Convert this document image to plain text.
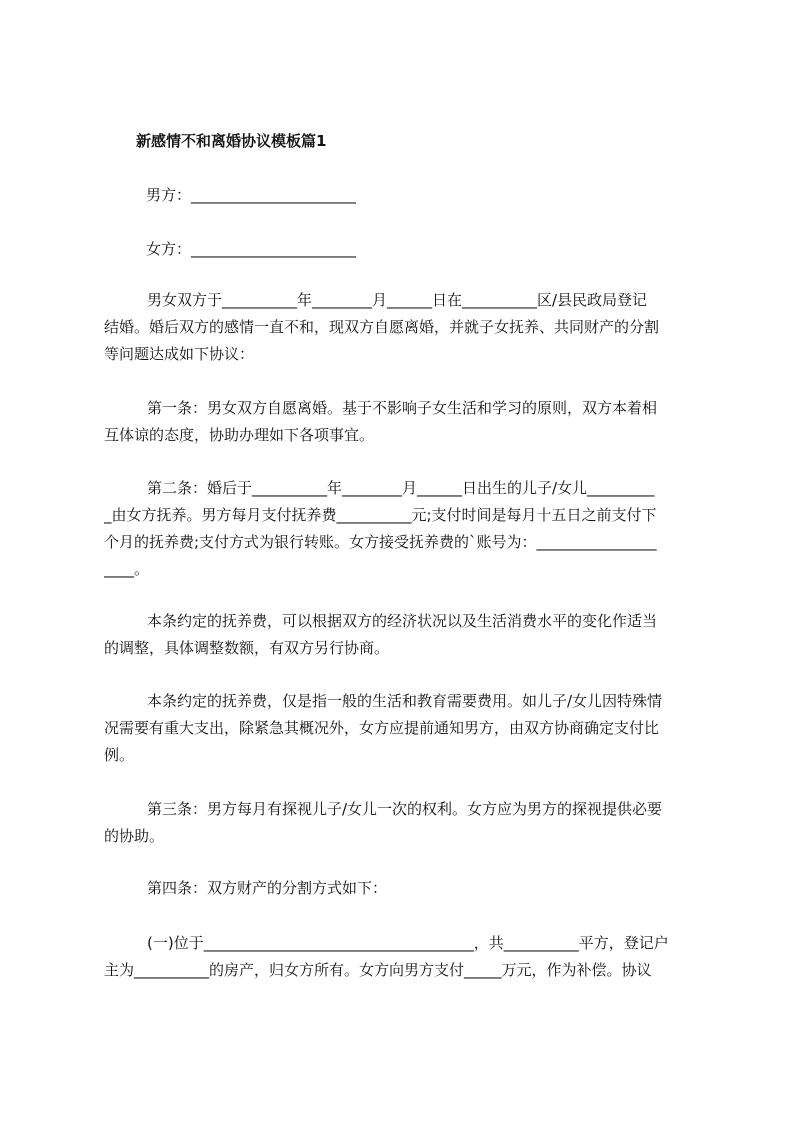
新感情不和离婚协议模板篇1
男方：______________________
女方：______________________
男女双方于__________年________月______日在__________区/县民政局登记
结婚。婚后双方的感情一直不和，现双方自愿离婚，并就子女抚养、共同财产的分割
等问题达成如下协议：
第一条：男女双方自愿离婚。基于不影响子女生活和学习的原则，双方本着相
互体谅的态度，协助办理如下各项事宜。
第二条：婚后于__________年________月______日出生的儿子/女儿_________
_由女方抚养。男方每月支付抚养费__________元;支付时间是每月十五日之前支付下
个月的抚养费;支付方式为银行转账。女方接受抚养费的`账号为：________________
____。
本条约定的抚养费，可以根据双方的经济状况以及生活消费水平的变化作适当
的调整，具体调整数额，有双方另行协商。
本条约定的抚养费，仅是指一般的生活和教育需要费用。如儿子/女儿因特殊情
况需要有重大支出，除紧急其概况外，女方应提前通知男方，由双方协商确定支付比
例。
第三条：男方每月有探视儿子/女儿一次的权利。女方应为男方的探视提供必要
的协助。
第四条：双方财产的分割方式如下：
(一)位于____________________________________，共__________平方，登记户
主为__________的房产，归女方所有。女方向男方支付_____万元，作为补偿。协议
